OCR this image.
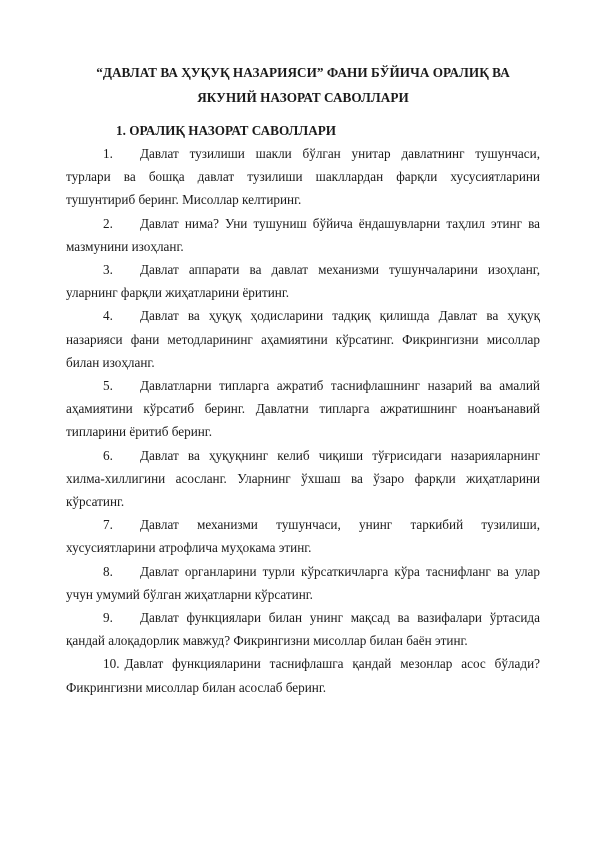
“ДАВЛАТ ВА ҲУҚУҚ НАЗАРИЯСИ” ФАНИ БЎЙИЧА ОРАЛИҚ ВА ЯКУНИЙ НАЗОРАТ САВОЛЛАРИ
1. ОРАЛИҚ НАЗОРАТ САВОЛЛАРИ

1. Давлат тузилиши шакли бўлган унитар давлатнинг тушунчаси, турлари ва бошқа давлат тузилиши шакллардан фарқли хусусиятларини тушунтириб беринг. Мисоллар келтиринг.

2. Давлат нима? Уни тушуниш бўйича ёндашувларни таҳлил этинг ва мазмунини изоҳланг.

3. Давлат аппарати ва давлат механизми тушунчаларини изоҳланг, уларнинг фарқли жиҳатларини ёритинг.

4. Давлат ва ҳуқуқ ҳодисларини тадқиқ қилишда Давлат ва ҳуқуқ назарияси фани методларининг аҳамиятини кўрсатинг. Фикрингизни мисоллар билан изоҳланг.

5. Давлатларни типларга ажратиб таснифлашнинг назарий ва амалий аҳамиятини кўрсатиб беринг. Давлатни типларга ажратишнинг ноанъанавий типларини ёритиб беринг.

6. Давлат ва ҳуқуқнинг келиб чиқиши тўғрисидаги назарияларнинг хилма-хиллигини асосланг. Уларнинг ўхшаш ва ўзаро фарқли жиҳатларини кўрсатинг.

7. Давлат механизми тушунчаси, унинг таркибий тузилиши, хусусиятларини атрофлича муҳокама этинг.

8. Давлат органларини турли кўрсаткичларга кўра таснифланг ва улар учун умумий бўлган жиҳатларни кўрсатинг.

9. Давлат функциялари билан унинг мақсад ва вазифалари ўртасида қандай алоқадорлик мавжуд? Фикрингизни мисоллар билан баён этинг.

10. Давлат функцияларини таснифлашга қандай мезонлар асос бўлади? Фикрингизни мисоллар билан асослаб беринг.
